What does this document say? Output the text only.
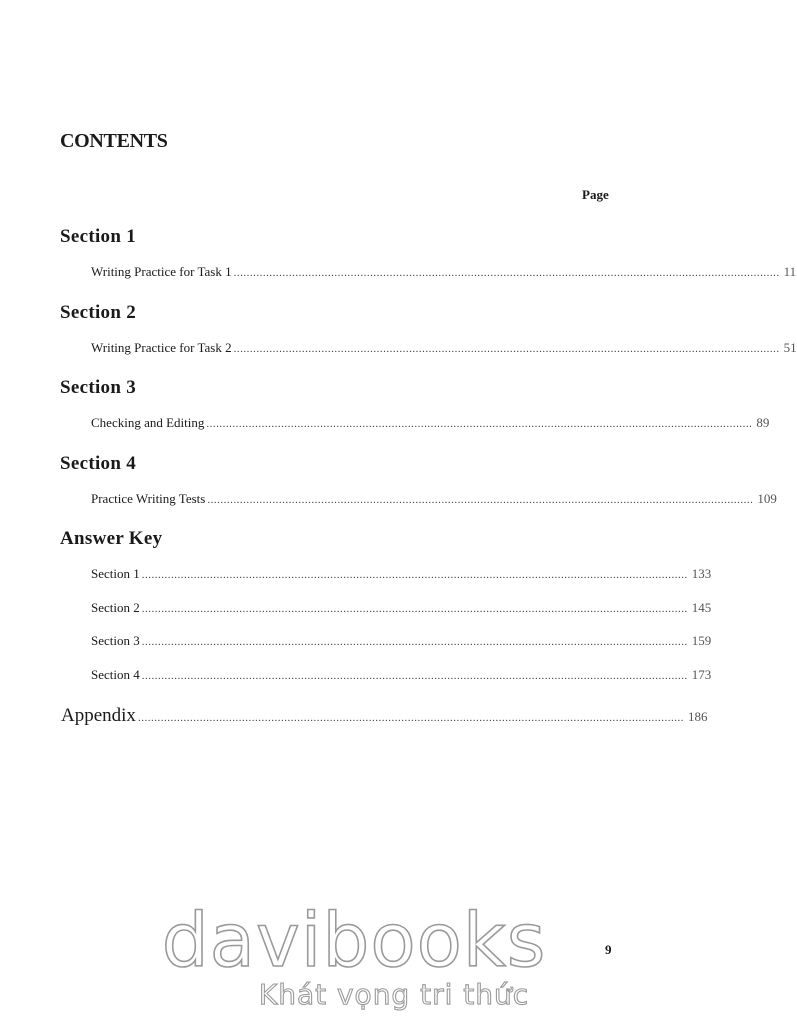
CONTENTS
Page
Section 1
Writing Practice for Task 1 ........................................................................................................................................................................ 11
Section 2
Writing Practice for Task 2 ........................................................................................................................................................................ 51
Section 3
Checking and Editing ........................................................................................................................................................................ 89
Section 4
Practice Writing Tests ........................................................................................................................................................................ 109
Answer Key
Section 1 ........................................................................................................................................................................ 133
Section 2 ........................................................................................................................................................................ 145
Section 3 ........................................................................................................................................................................ 159
Section 4 ........................................................................................................................................................................ 173
Appendix ........................................................................................................................................................................ 186
9
davibooks
Khát vọng tri thức
